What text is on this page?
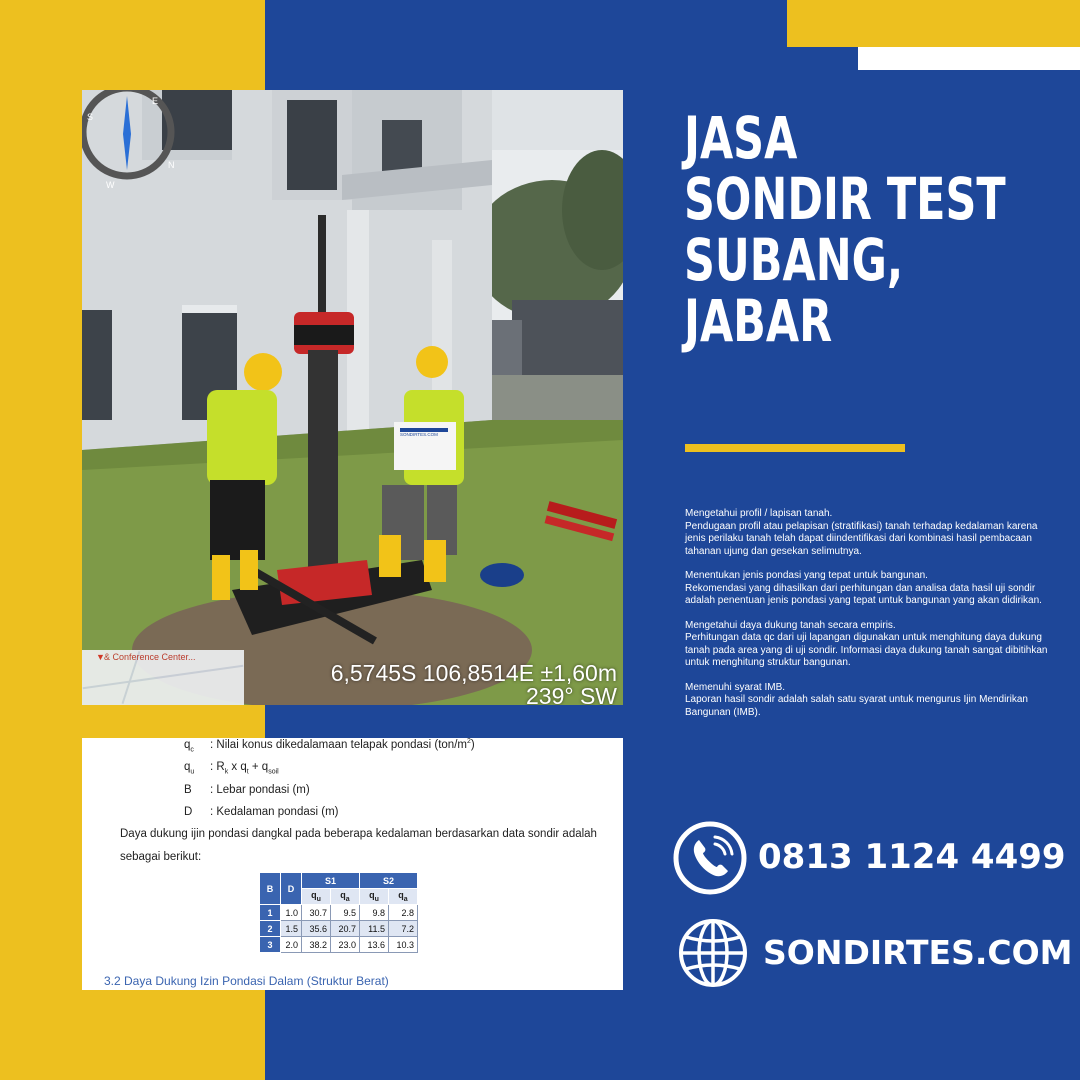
S
W
N
E
SONDIRTES.COM
▼ & Conference Center...
6,5745S 106,8514E ±1,60m
239° SW
$q_c$ : Nilai konus dikedalamaan telapak pondasi $(ton/m^2)$
$q_u$ : $R_k$ x $q_t + q_{soil}$
B : Lebar pondasi (m)
D : Kedalaman pondasi (m)
Daya dukung ijin pondasi dangkal pada beberapa kedalaman berdasarkan data sondir adalah
sebagai berikut:
B	D	S1		S2	
		$q_u$	$q_a$	$q_u$	$q_a$
1	1.0	30.7	9.5	9.8	2.8
2	1.5	35.6	20.7	11.5	7.2
3	2.0	38.2	23.0	13.6	10.3
3.2 Daya Dukung Izin Pondasi Dalam (Struktur Berat)
JASA
SONDIR TEST
SUBANG,
JABAR
Mengetahui profil / lapisan tanah.
Pendugaan profil atau pelapisan (stratifikasi) tanah terhadap kedalaman karena jenis perilaku tanah telah dapat diindentifikasi dari kombinasi hasil pembacaan tahanan ujung dan gesekan selimutnya.
Menentukan jenis pondasi yang tepat untuk bangunan.
Rekomendasi yang dihasilkan dari perhitungan dan analisa data hasil uji sondir adalah penentuan jenis pondasi yang tepat untuk bangunan yang akan didirikan.
Mengetahui daya dukung tanah secara empiris.
Perhitungan data qc dari uji lapangan digunakan untuk menghitung daya dukung tanah pada area yang di uji sondir. Informasi daya dukung tanah sangat dibitihkan untuk menghitung struktur bangunan.
Memenuhi syarat IMB.
Laporan hasil sondir adalah salah satu syarat untuk mengurus Ijin Mendirikan Bangunan (IMB).
0813 1124 4499
SONDIRTES.COM
